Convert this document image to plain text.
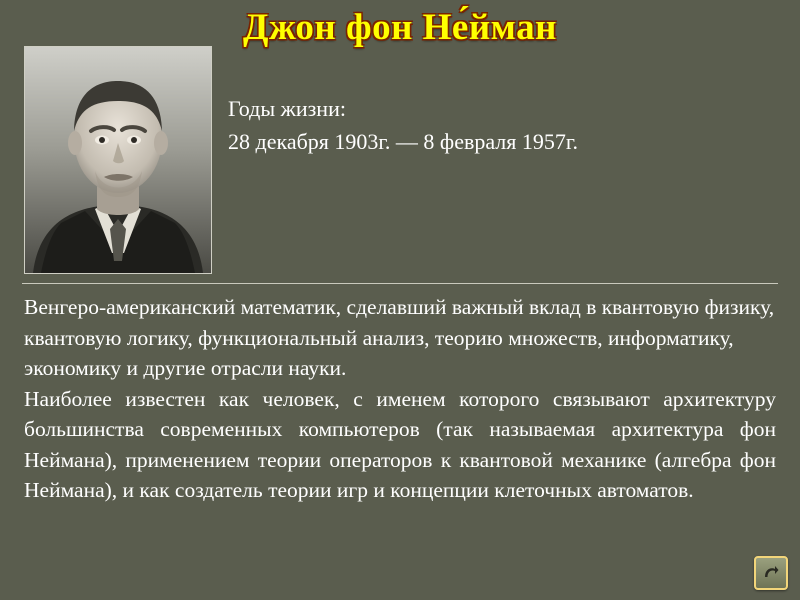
Джон фон Не́йман
Годы жизни:
28 декабря 1903г. — 8 февраля 1957г.

Венгеро-американский математик, сделавший важный вклад в квантовую физику, квантовую логику, функциональный анализ, теорию множеств, информатику, экономику и другие отрасли науки.

Наиболее известен как человек, с именем которого связывают архитектуру большинства современных компьютеров (так называемая архитектура фон Неймана), применением теории операторов к квантовой механике (алгебра фон Неймана), и как создатель теории игр и концепции клеточных автоматов.
